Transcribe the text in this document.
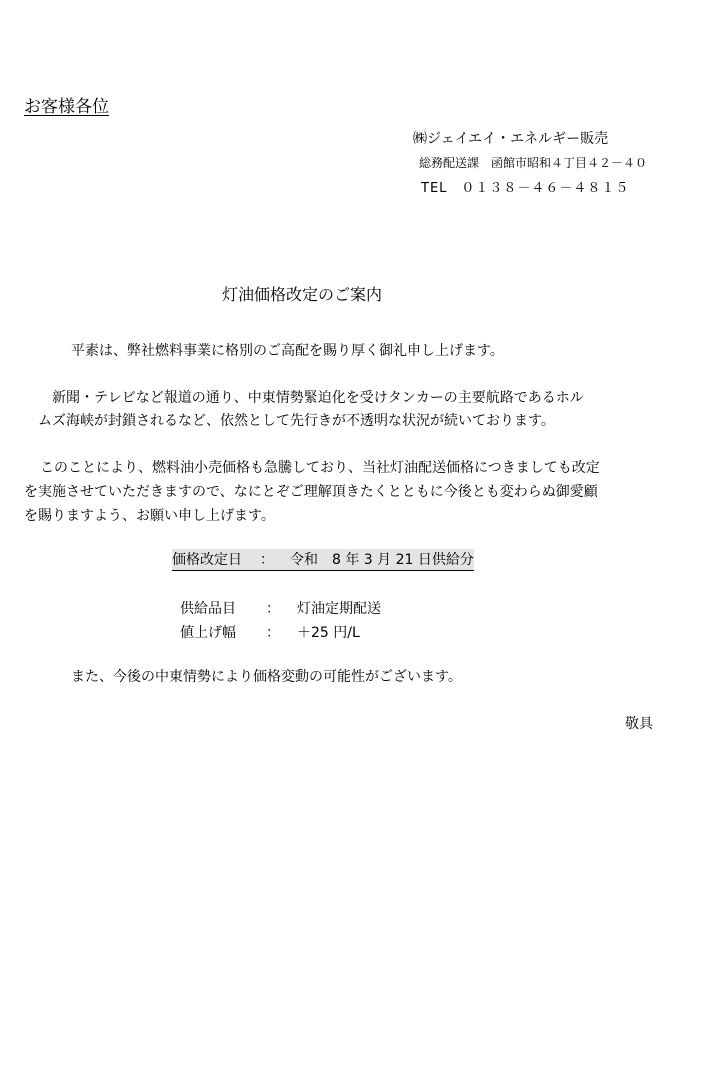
お客様各位
㈱ジェイエイ・エネルギー販売
総務配送課　函館市昭和４丁目４２－４０
TEL　０１３８－４６－４８１５
灯油価格改定のご案内
平素は、弊社燃料事業に格別のご高配を賜り厚く御礼申し上げます。
新聞・テレビなど報道の通り、中東情勢緊迫化を受けタンカーの主要航路であるホル
ムズ海峡が封鎖されるなど、依然として先行きが不透明な状況が続いております。
このことにより、燃料油小売価格も急騰しており、当社灯油配送価格につきましても改定
を実施させていただきますので、なにとぞご理解頂きたくとともに今後とも変わらぬ御愛顧
を賜りますよう、お願い申し上げます。
価格改定日 ： 令和　8 年 3 月 21 日供給分
供給品目 ： 灯油定期配送
値上げ幅 ： ＋25 円/L
また、今後の中東情勢により価格変動の可能性がございます。
敬具
